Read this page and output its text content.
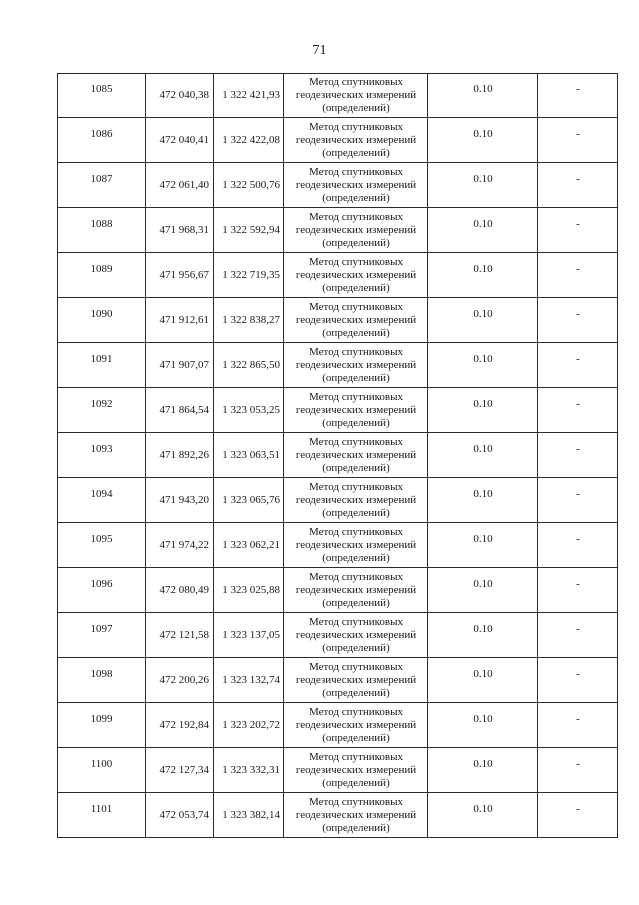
71
1085	472 040,38	1 322 421,93	Метод спутниковых
геодезических измерений
(определений)	0.10	-
1086	472 040,41	1 322 422,08	Метод спутниковых
геодезических измерений
(определений)	0.10	-
1087	472 061,40	1 322 500,76	Метод спутниковых
геодезических измерений
(определений)	0.10	-
1088	471 968,31	1 322 592,94	Метод спутниковых
геодезических измерений
(определений)	0.10	-
1089	471 956,67	1 322 719,35	Метод спутниковых
геодезических измерений
(определений)	0.10	-
1090	471 912,61	1 322 838,27	Метод спутниковых
геодезических измерений
(определений)	0.10	-
1091	471 907,07	1 322 865,50	Метод спутниковых
геодезических измерений
(определений)	0.10	-
1092	471 864,54	1 323 053,25	Метод спутниковых
геодезических измерений
(определений)	0.10	-
1093	471 892,26	1 323 063,51	Метод спутниковых
геодезических измерений
(определений)	0.10	-
1094	471 943,20	1 323 065,76	Метод спутниковых
геодезических измерений
(определений)	0.10	-
1095	471 974,22	1 323 062,21	Метод спутниковых
геодезических измерений
(определений)	0.10	-
1096	472 080,49	1 323 025,88	Метод спутниковых
геодезических измерений
(определений)	0.10	-
1097	472 121,58	1 323 137,05	Метод спутниковых
геодезических измерений
(определений)	0.10	-
1098	472 200,26	1 323 132,74	Метод спутниковых
геодезических измерений
(определений)	0.10	-
1099	472 192,84	1 323 202,72	Метод спутниковых
геодезических измерений
(определений)	0.10	-
1100	472 127,34	1 323 332,31	Метод спутниковых
геодезических измерений
(определений)	0.10	-
1101	472 053,74	1 323 382,14	Метод спутниковых
геодезических измерений
(определений)	0.10	-
